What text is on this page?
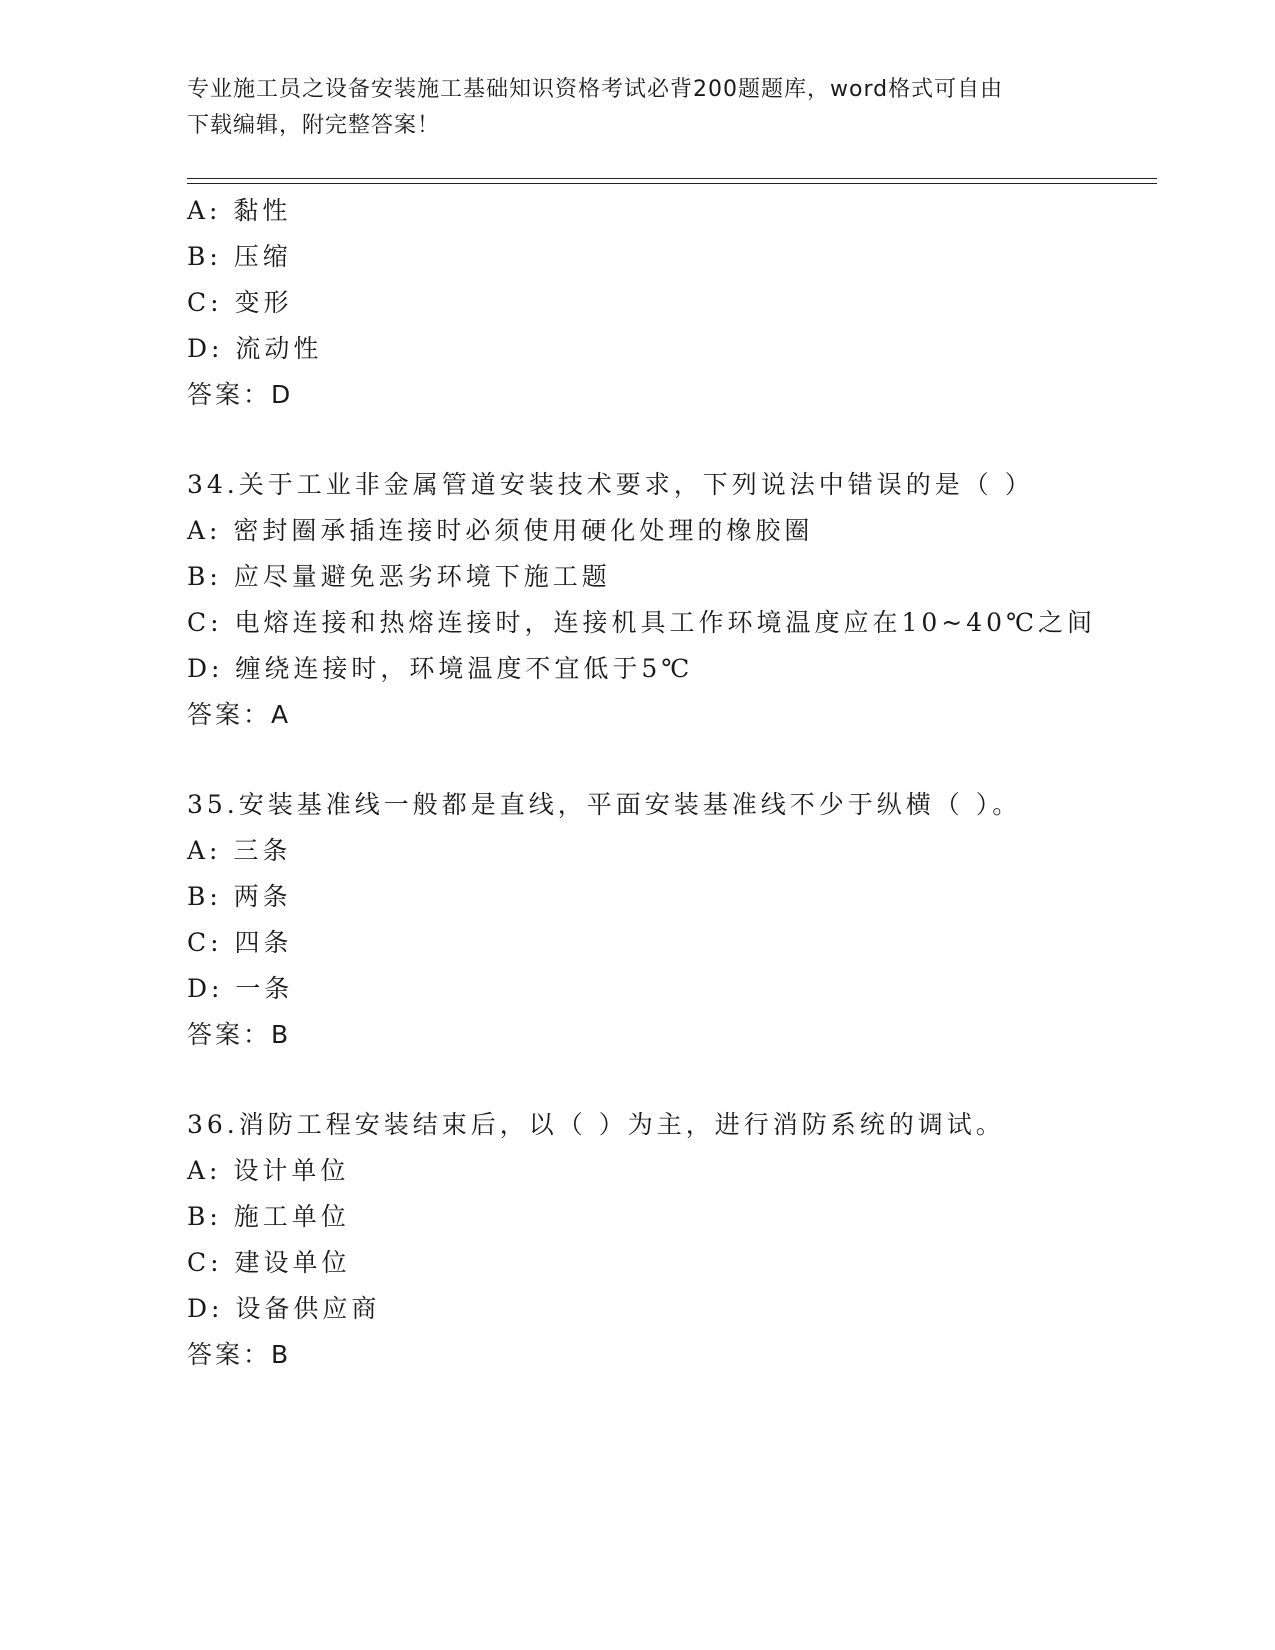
专业施工员之设备安装施工基础知识资格考试必背200题题库，word格式可自由
下载编辑，附完整答案！
A: 黏性
B: 压缩
C: 变形
D: 流动性
答案：D
34.关于工业非金属管道安装技术要求，下列说法中错误的是（ ）
A: 密封圈承插连接时必须使用硬化处理的橡胶圈
B: 应尽量避免恶劣环境下施工题
C: 电熔连接和热熔连接时，连接机具工作环境温度应在10~40℃之间
D: 缠绕连接时，环境温度不宜低于5℃
答案：A
35.安装基准线一般都是直线，平面安装基准线不少于纵横（ ）。
A: 三条
B: 两条
C: 四条
D: 一条
答案：B
36.消防工程安装结束后，以（ ）为主，进行消防系统的调试。
A: 设计单位
B: 施工单位
C: 建设单位
D: 设备供应商
答案：B
